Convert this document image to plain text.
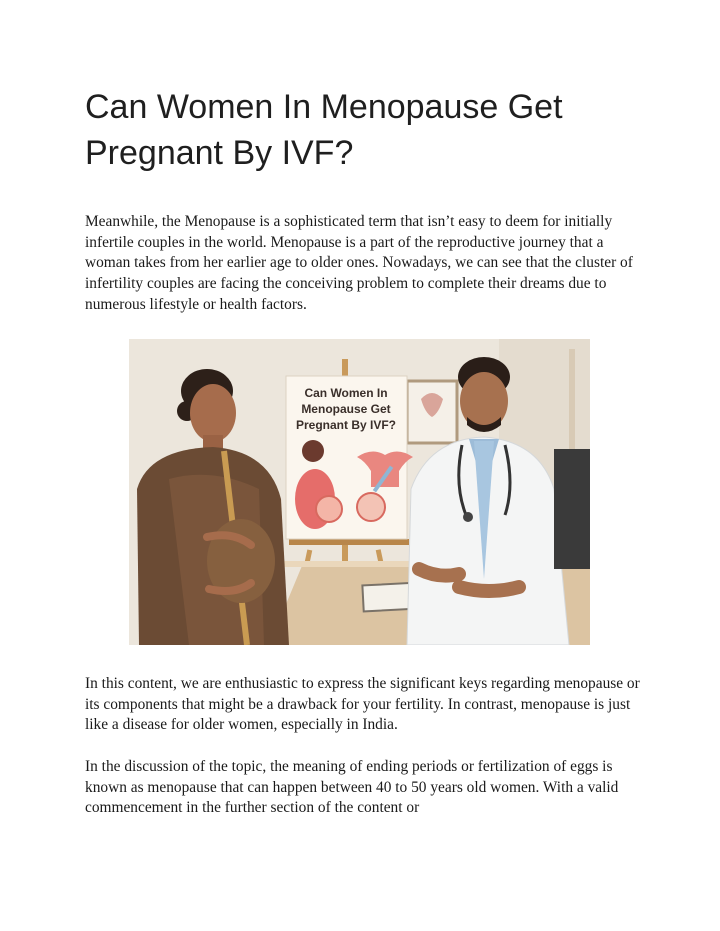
Can Women In Menopause Get Pregnant By IVF?

Meanwhile, the Menopause is a sophisticated term that isn’t easy to deem for initially infertile couples in the world. Menopause is a part of the reproductive journey that a woman takes from her earlier age to older ones. Nowadays, we can see that the cluster of infertility couples are facing the conceiving problem to complete their dreams due to numerous lifestyle or health factors.

Can Women In
Menopause Get
Pregnant By IVF?

In this content, we are enthusiastic to express the significant keys regarding menopause or its components that might be a drawback for your fertility. In contrast, menopause is just like a disease for older women, especially in India.

In the discussion of the topic, the meaning of ending periods or fertilization of eggs is known as menopause that can happen between 40 to 50 years old women. With a valid commencement in the further section of the content or
